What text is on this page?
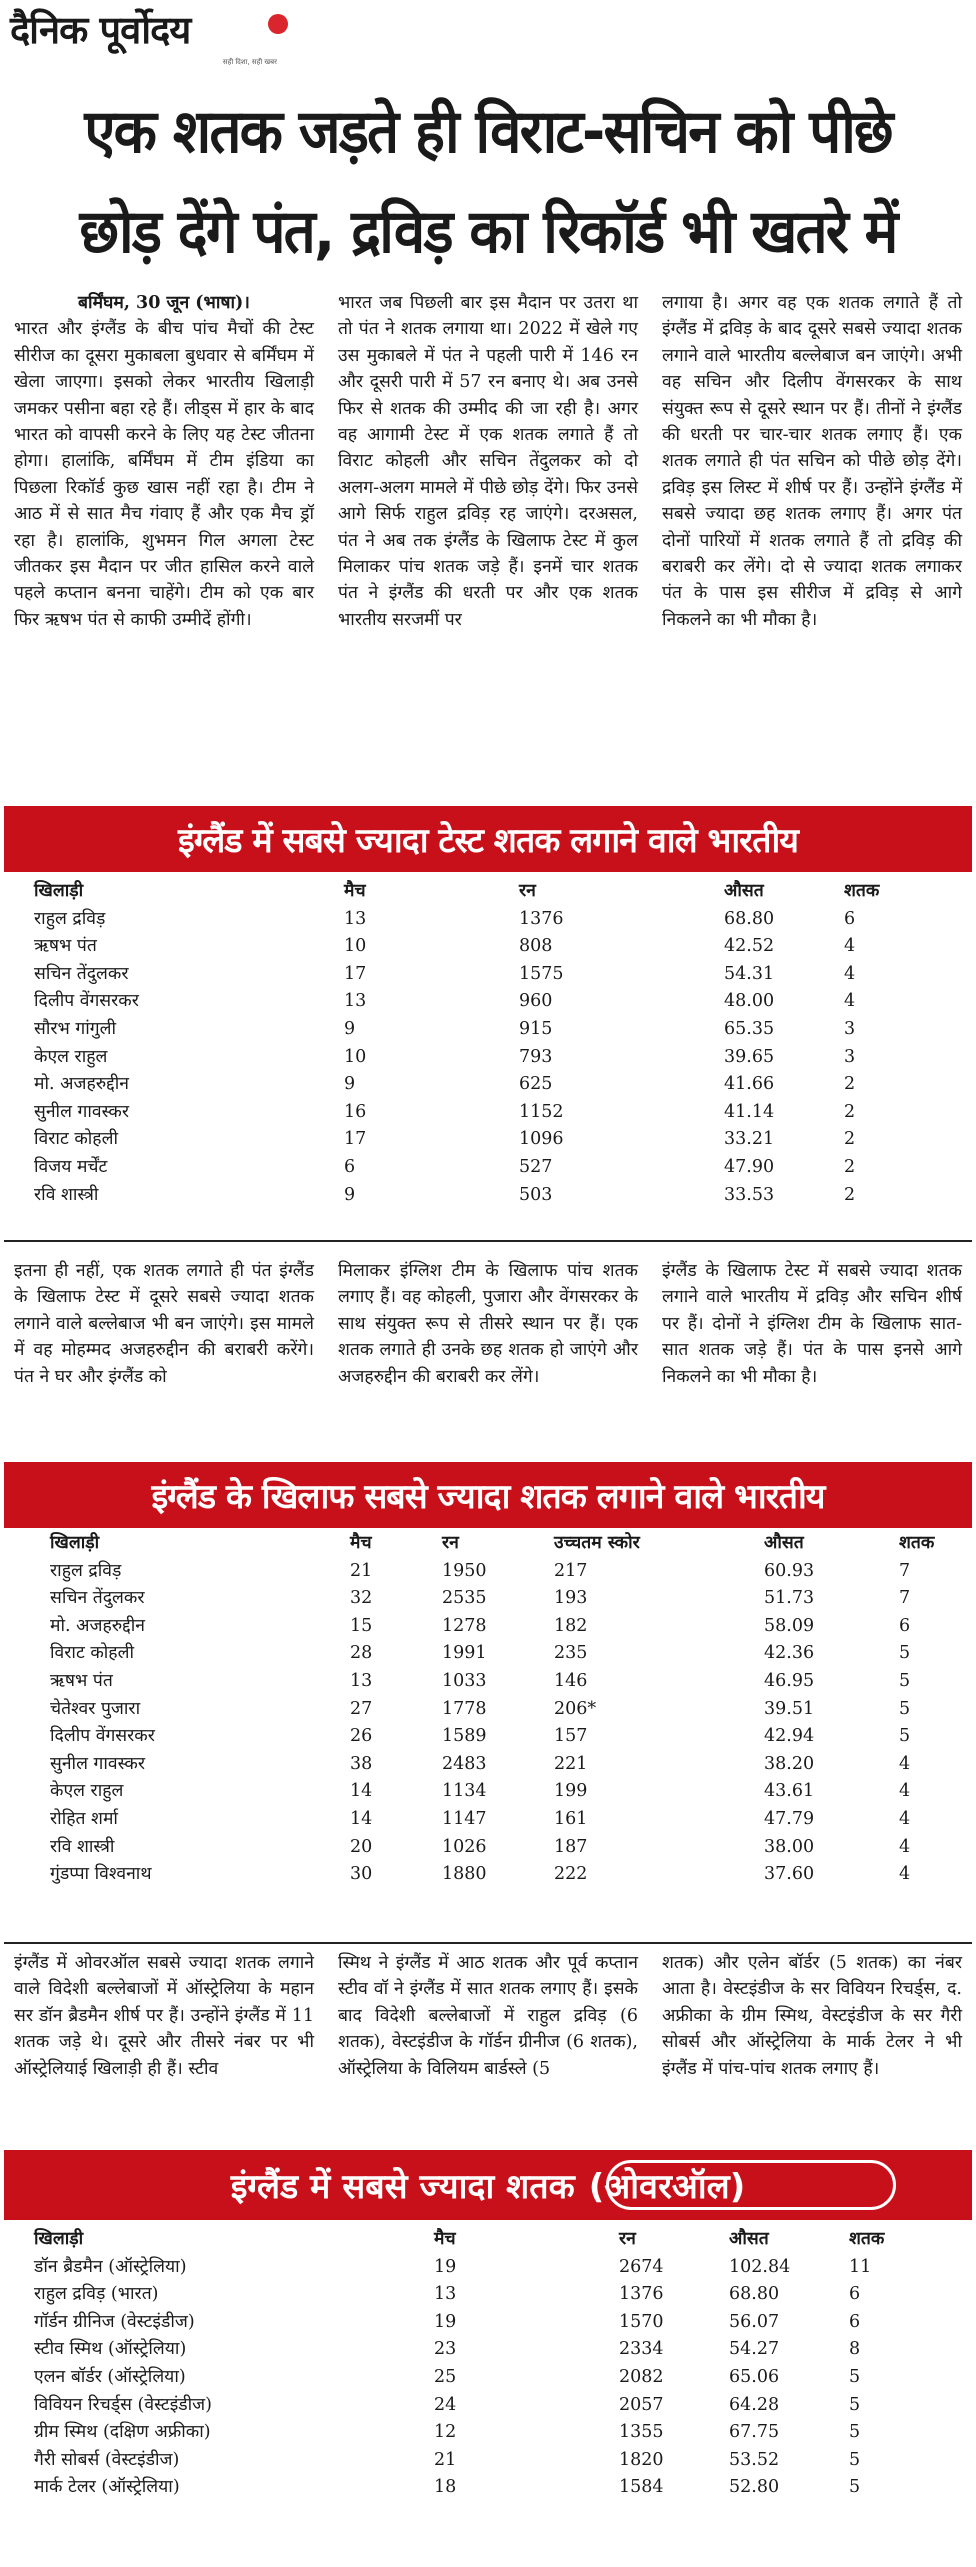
दैनिक पूर्वोदय
सही दिशा, सही खबर
एक शतक जड़ते ही विराट-सचिन को पीछे
छोड़ देंगे पंत, द्रविड़ का रिकॉर्ड भी खतरे में
बर्मिंघम, 30 जून (भाषा)।
भारत और इंग्लैंड के बीच पांच मैचों की टेस्ट सीरीज का दूसरा मुकाबला बुधवार से बर्मिंघम में खेला जाएगा। इसको लेकर भारतीय खिलाड़ी जमकर पसीना बहा रहे हैं। लीड्स में हार के बाद भारत को वापसी करने के लिए यह टेस्ट जीतना होगा। हालांकि, बर्मिंघम में टीम इंडिया का पिछला रिकॉर्ड कुछ खास नहीं रहा है। टीम ने आठ में से सात मैच गंवाए हैं और एक मैच ड्रॉ रहा है। हालांकि, शुभमन गिल अगला टेस्ट जीतकर इस मैदान पर जीत हासिल करने वाले पहले कप्तान बनना चाहेंगे। टीम को एक बार फिर ऋषभ पंत से काफी उम्मीदें होंगी।
भारत जब पिछली बार इस मैदान पर उतरा था तो पंत ने शतक लगाया था। 2022 में खेले गए उस मुकाबले में पंत ने पहली पारी में 146 रन और दूसरी पारी में 57 रन बनाए थे। अब उनसे फिर से शतक की उम्मीद की जा रही है। अगर वह आगामी टेस्ट में एक शतक लगाते हैं तो विराट कोहली और सचिन तेंदुलकर को दो अलग-अलग मामले में पीछे छोड़ देंगे। फिर उनसे आगे सिर्फ राहुल द्रविड़ रह जाएंगे। दरअसल, पंत ने अब तक इंग्लैंड के खिलाफ टेस्ट में कुल मिलाकर पांच शतक जड़े हैं। इनमें चार शतक पंत ने इंग्लैंड की धरती पर और एक शतक भारतीय सरजमीं पर
लगाया है। अगर वह एक शतक लगाते हैं तो इंग्लैंड में द्रविड़ के बाद दूसरे सबसे ज्यादा शतक लगाने वाले भारतीय बल्लेबाज बन जाएंगे। अभी वह सचिन और दिलीप वेंगसरकर के साथ संयुक्त रूप से दूसरे स्थान पर हैं। तीनों ने इंग्लैंड की धरती पर चार-चार शतक लगाए हैं। एक शतक लगाते ही पंत सचिन को पीछे छोड़ देंगे। द्रविड़ इस लिस्ट में शीर्ष पर हैं। उन्होंने इंग्लैंड में सबसे ज्यादा छह शतक लगाए हैं। अगर पंत दोनों पारियों में शतक लगाते हैं तो द्रविड़ की बराबरी कर लेंगे। दो से ज्यादा शतक लगाकर पंत के पास इस सीरीज में द्रविड़ से आगे निकलने का भी मौका है।
इंग्लैंड में सबसे ज्यादा टेस्ट शतक लगाने वाले भारतीय
खिलाड़ी	मैच	रन	औसत	शतक
राहुल द्रविड़	13	1376	68.80	6
ऋषभ पंत	10	808	42.52	4
सचिन तेंदुलकर	17	1575	54.31	4
दिलीप वेंगसरकर	13	960	48.00	4
सौरभ गांगुली	9	915	65.35	3
केएल राहुल	10	793	39.65	3
मो. अजहरुद्दीन	9	625	41.66	2
सुनील गावस्कर	16	1152	41.14	2
विराट कोहली	17	1096	33.21	2
विजय मर्चेंट	6	527	47.90	2
रवि शास्त्री	9	503	33.53	2
इतना ही नहीं, एक शतक लगाते ही पंत इंग्लैंड के खिलाफ टेस्ट में दूसरे सबसे ज्यादा शतक लगाने वाले बल्लेबाज भी बन जाएंगे। इस मामले में वह मोहम्मद अजहरुद्दीन की बराबरी करेंगे। पंत ने घर और इंग्लैंड को
मिलाकर इंग्लिश टीम के खिलाफ पांच शतक लगाए हैं। वह कोहली, पुजारा और वेंगसरकर के साथ संयुक्त रूप से तीसरे स्थान पर हैं। एक शतक लगाते ही उनके छह शतक हो जाएंगे और अजहरुद्दीन की बराबरी कर लेंगे।
इंग्लैंड के खिलाफ टेस्ट में सबसे ज्यादा शतक लगाने वाले भारतीय में द्रविड़ और सचिन शीर्ष पर हैं। दोनों ने इंग्लिश टीम के खिलाफ सात-सात शतक जड़े हैं। पंत के पास इनसे आगे निकलने का भी मौका है।
इंग्लैंड के खिलाफ सबसे ज्यादा शतक लगाने वाले भारतीय
खिलाड़ी	मैच	रन	उच्चतम स्कोर	औसत	शतक
राहुल द्रविड़	21	1950	217	60.93	7
सचिन तेंदुलकर	32	2535	193	51.73	7
मो. अजहरुद्दीन	15	1278	182	58.09	6
विराट कोहली	28	1991	235	42.36	5
ऋषभ पंत	13	1033	146	46.95	5
चेतेश्वर पुजारा	27	1778	206*	39.51	5
दिलीप वेंगसरकर	26	1589	157	42.94	5
सुनील गावस्कर	38	2483	221	38.20	4
केएल राहुल	14	1134	199	43.61	4
रोहित शर्मा	14	1147	161	47.79	4
रवि शास्त्री	20	1026	187	38.00	4
गुंडप्पा विश्वनाथ	30	1880	222	37.60	4
इंग्लैंड में ओवरऑल सबसे ज्यादा शतक लगाने वाले विदेशी बल्लेबाजों में ऑस्ट्रेलिया के महान सर डॉन ब्रैडमैन शीर्ष पर हैं। उन्होंने इंग्लैंड में 11 शतक जड़े थे। दूसरे और तीसरे नंबर पर भी ऑस्ट्रेलियाई खिलाड़ी ही हैं। स्टीव
स्मिथ ने इंग्लैंड में आठ शतक और पूर्व कप्तान स्टीव वॉ ने इंग्लैंड में सात शतक लगाए हैं। इसके बाद विदेशी बल्लेबाजों में राहुल द्रविड़ (6 शतक), वेस्टइंडीज के गॉर्डन ग्रीनीज (6 शतक), ऑस्ट्रेलिया के विलियम बार्डस्ले (5
शतक) और एलेन बॉर्डर (5 शतक) का नंबर आता है। वेस्टइंडीज के सर विवियन रिचर्ड्स, द. अफ्रीका के ग्रीम स्मिथ, वेस्टइंडीज के सर गैरी सोबर्स और ऑस्ट्रेलिया के मार्क टेलर ने भी इंग्लैंड में पांच-पांच शतक लगाए हैं।
इंग्लैंड में सबसे ज्यादा शतक (ओवरऑल)
खिलाड़ी	मैच	रन	औसत	शतक
डॉन ब्रैडमैन (ऑस्ट्रेलिया)	19	2674	102.84	11
राहुल द्रविड़ (भारत)	13	1376	68.80	6
गॉर्डन ग्रीनिज (वेस्टइंडीज)	19	1570	56.07	6
स्टीव स्मिथ (ऑस्ट्रेलिया)	23	2334	54.27	8
एलन बॉर्डर (ऑस्ट्रेलिया)	25	2082	65.06	5
विवियन रिचर्ड्स (वेस्टइंडीज)	24	2057	64.28	5
ग्रीम स्मिथ (दक्षिण अफ्रीका)	12	1355	67.75	5
गैरी सोबर्स (वेस्टइंडीज)	21	1820	53.52	5
मार्क टेलर (ऑस्ट्रेलिया)	18	1584	52.80	5
